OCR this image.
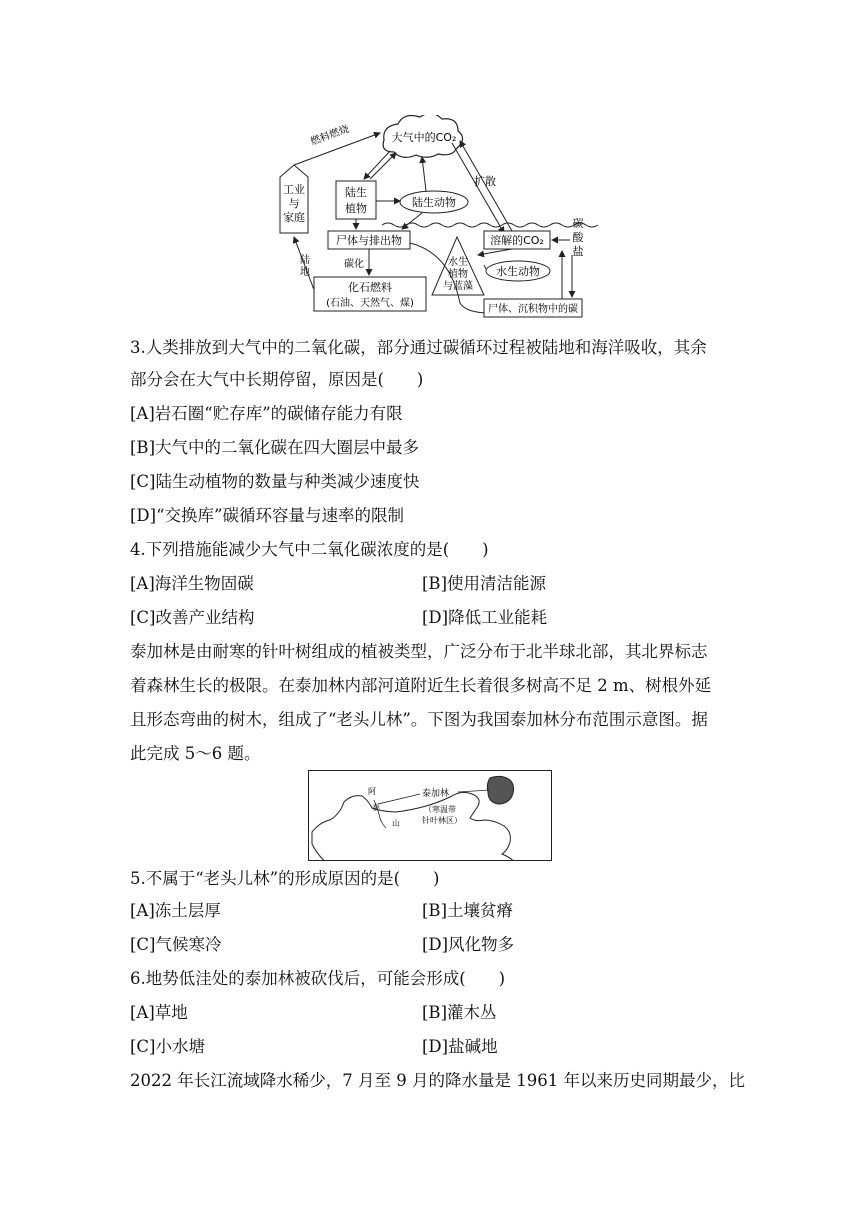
大气中的CO₂
工业
与
家庭
燃料燃烧
陆生
植物	陆生动物
扩散
尸体与排出物	溶解的CO₂
碳
酸
盐
水生
植物
与蓝藻
水生动物
陆
地
碳化
化石燃料
(石油、天然气、煤)
尸体、沉积物中的碳
3.人类排放到大气中的二氧化碳，部分通过碳循环过程被陆地和海洋吸收，其余
部分会在大气中长期停留，原因是(　　)
[A]岩石圈“贮存库”的碳储存能力有限
[B]大气中的二氧化碳在四大圈层中最多
[C]陆生动植物的数量与种类减少速度快
[D]“交换库”碳循环容量与速率的限制
4.下列措施能减少大气中二氧化碳浓度的是(　　)
[A]海洋生物固碳	[B]使用清洁能源
[C]改善产业结构	[D]降低工业能耗
泰加林是由耐寒的针叶树组成的植被类型，广泛分布于北半球北部，其北界标志
着森林生长的极限。在泰加林内部河道附近生长着很多树高不足 2 m、树根外延
且形态弯曲的树木，组成了“老头儿林”。下图为我国泰加林分布范围示意图。据
此完成 5～6 题。
泰加林
（寒温带
针叶林区）
阿
泰
山
5.不属于“老头儿林”的形成原因的是(　　)
[A]冻土层厚	[B]土壤贫瘠
[C]气候寒冷	[D]风化物多
6.地势低洼处的泰加林被砍伐后，可能会形成(　　)
[A]草地	[B]灌木丛
[C]小水塘	[D]盐碱地
2022 年长江流域降水稀少，7 月至 9 月的降水量是 1961 年以来历史同期最少，比
